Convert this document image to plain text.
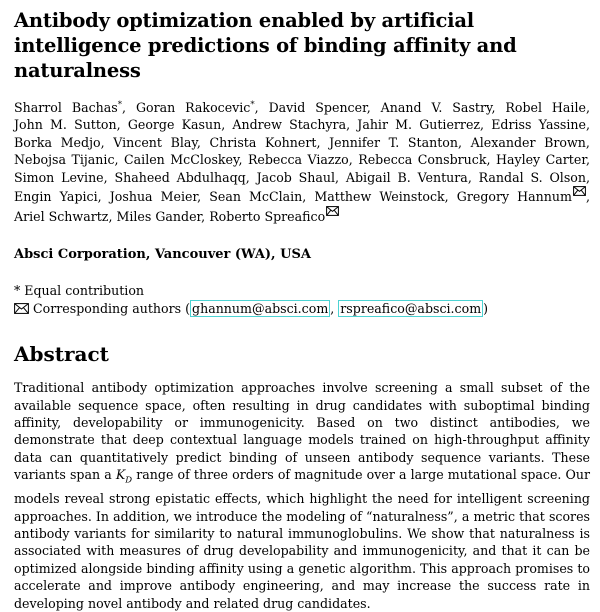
Antibody optimization enabled by artificial intelligence predictions of binding affinity and naturalness
Sharrol Bachas*, Goran Rakocevic*, David Spencer, Anand V. Sastry, Robel Haile, John M. Sutton, George Kasun, Andrew Stachyra, Jahir M. Gutierrez, Edriss Yassine, Borka Medjo, Vincent Blay, Christa Kohnert, Jennifer T. Stanton, Alexander Brown, Nebojsa Tijanic, Cailen McCloskey, Rebecca Viazzo, Rebecca Consbruck, Hayley Carter, Simon Levine, Shaheed Abdulhaqq, Jacob Shaul, Abigail B. Ventura, Randal S. Olson, Engin Yapici, Joshua Meier, Sean McClain, Matthew Weinstock, Gregory Hannum , Ariel Schwartz, Miles Gander, Roberto Spreafico
Absci Corporation, Vancouver (WA), USA
* Equal contribution
Corresponding authors ( ghannum@absci.com , rspreafico@absci.com )
Abstract
Traditional antibody optimization approaches involve screening a small subset of the available sequence space, often resulting in drug candidates with suboptimal binding affinity, developability or immunogenicity. Based on two distinct antibodies, we demonstrate that deep contextual language models trained on high-throughput affinity data can quantitatively predict binding of unseen antibody sequence variants. These variants span a $K_D$ range of three orders of magnitude over a large mutational space. Our models reveal strong epistatic effects, which highlight the need for intelligent screening approaches. In addition, we introduce the modeling of “naturalness”, a metric that scores antibody variants for similarity to natural immunoglobulins. We show that naturalness is associated with measures of drug developability and immunogenicity, and that it can be optimized alongside binding affinity using a genetic algorithm. This approach promises to accelerate and improve antibody engineering, and may increase the success rate in developing novel antibody and related drug candidates.
